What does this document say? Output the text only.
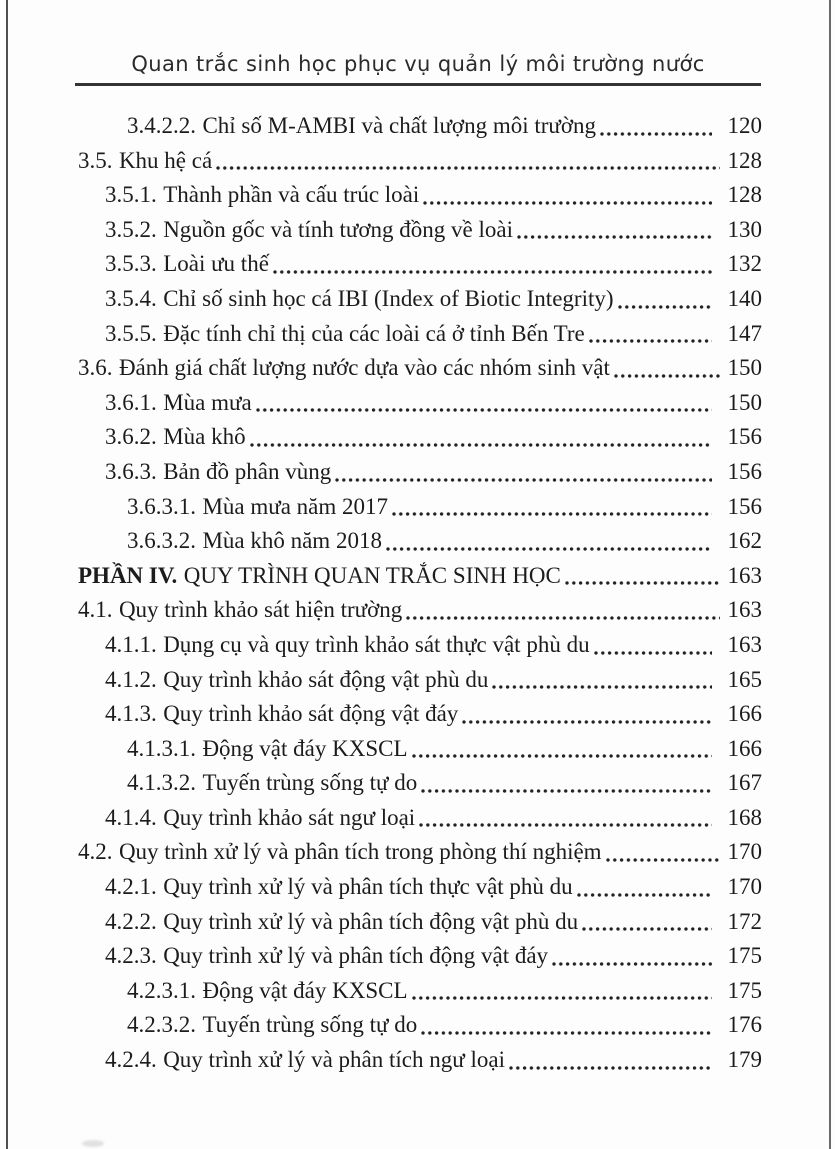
Quan trắc sinh học phục vụ quản lý môi trường nước
3.4.2.2. Chỉ số M-AMBI và chất lượng môi trường	120
3.5. Khu hệ cá	128
3.5.1. Thành phần và cấu trúc loài	128
3.5.2. Nguồn gốc và tính tương đồng về loài	130
3.5.3. Loài ưu thế	132
3.5.4. Chỉ số sinh học cá IBI (Index of Biotic Integrity)	140
3.5.5. Đặc tính chỉ thị của các loài cá ở tỉnh Bến Tre	147
3.6. Đánh giá chất lượng nước dựa vào các nhóm sinh vật	150
3.6.1. Mùa mưa	150
3.6.2. Mùa khô	156
3.6.3. Bản đồ phân vùng	156
3.6.3.1. Mùa mưa năm 2017	156
3.6.3.2. Mùa khô năm 2018	162
PHẦN IV. QUY TRÌNH QUAN TRẮC SINH HỌC	163
4.1. Quy trình khảo sát hiện trường	163
4.1.1. Dụng cụ và quy trình khảo sát thực vật phù du	163
4.1.2. Quy trình khảo sát động vật phù du	165
4.1.3. Quy trình khảo sát động vật đáy	166
4.1.3.1. Động vật đáy KXSCL	166
4.1.3.2. Tuyến trùng sống tự do	167
4.1.4. Quy trình khảo sát ngư loại	168
4.2. Quy trình xử lý và phân tích trong phòng thí nghiệm	170
4.2.1. Quy trình xử lý và phân tích thực vật phù du	170
4.2.2. Quy trình xử lý và phân tích động vật phù du	172
4.2.3. Quy trình xử lý và phân tích động vật đáy	175
4.2.3.1. Động vật đáy KXSCL	175
4.2.3.2. Tuyến trùng sống tự do	176
4.2.4. Quy trình xử lý và phân tích ngư loại	179
